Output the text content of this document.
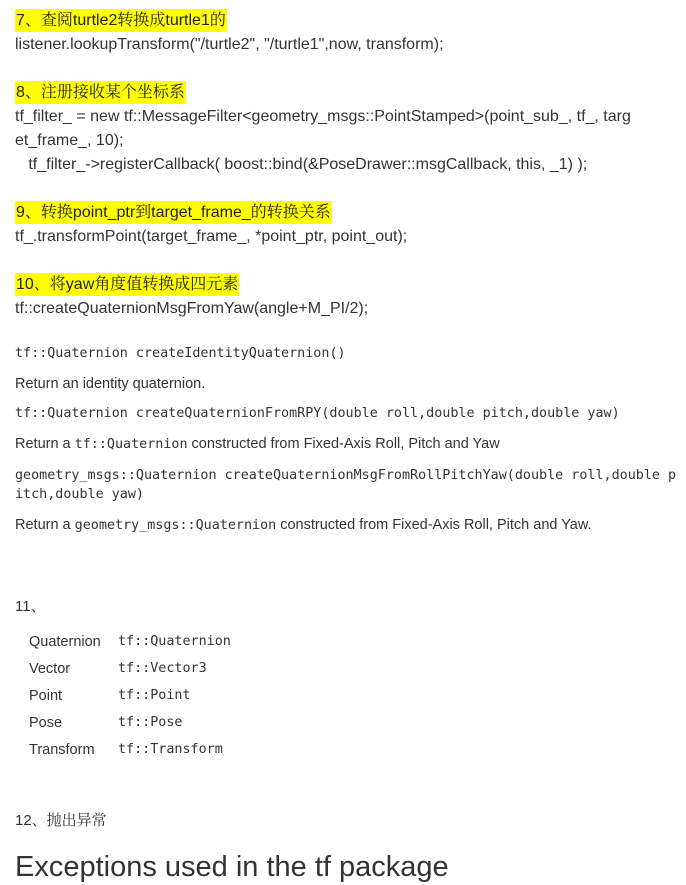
7、查阅turtle2转换成turtle1的
listener.lookupTransform("/turtle2", "/turtle1",now, transform);
8、注册接收某个坐标系
tf_filter_ = new tf::MessageFilter<geometry_msgs::PointStamped>(point_sub_, tf_, targ
et_frame_, 10);
tf_filter_->registerCallback( boost::bind(&PoseDrawer::msgCallback, this, _1) );
9、转换point_ptr到target_frame_的转换关系
tf_.transformPoint(target_frame_, *point_ptr, point_out);
10、将yaw角度值转换成四元素
tf::createQuaternionMsgFromYaw(angle+M_PI/2);
tf::Quaternion createIdentityQuaternion()
Return an identity quaternion.
tf::Quaternion createQuaternionFromRPY(double roll,double pitch,double yaw)
Return a tf::Quaternion constructed from Fixed-Axis Roll, Pitch and Yaw
geometry_msgs::Quaternion createQuaternionMsgFromRollPitchYaw(double roll,double p
itch,double yaw)
Return a geometry_msgs::Quaternion constructed from Fixed-Axis Roll, Pitch and Yaw.
11、
Quaternion	tf::Quaternion
Vector	tf::Vector3
Point	tf::Point
Pose	tf::Pose
Transform	tf::Transform
12、抛出异常
Exceptions used in the tf package
